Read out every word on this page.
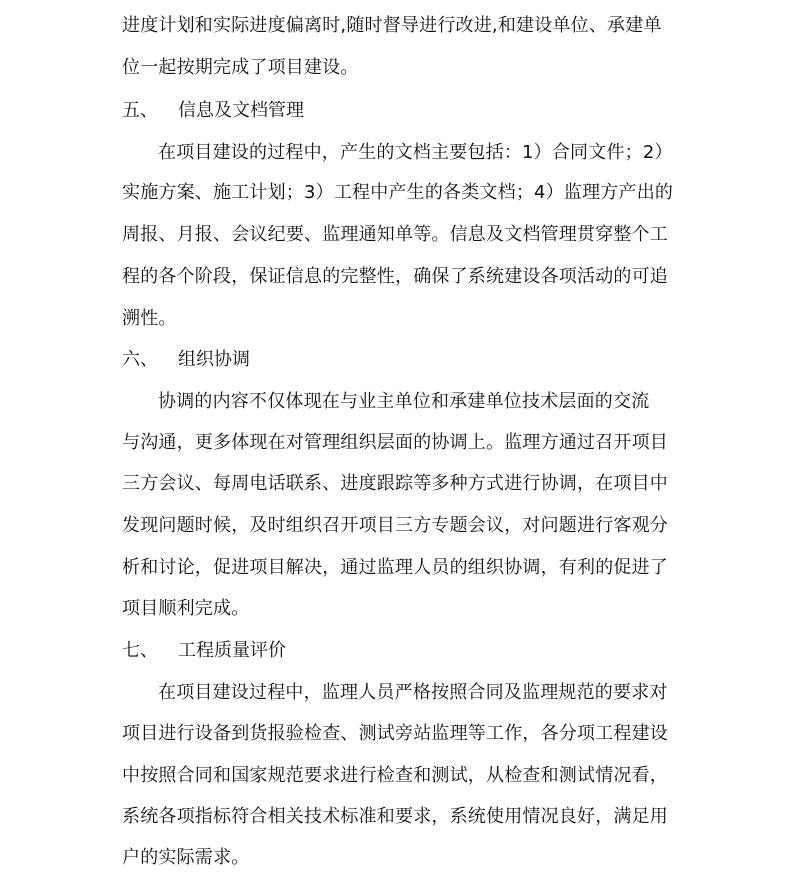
进度计划和实际进度偏离时,随时督导进行改进,和建设单位、承建单
位一起按期完成了项目建设。
五、 信息及文档管理
在项目建设的过程中，产生的文档主要包括：1）合同文件；2）
实施方案、施工计划；3）工程中产生的各类文档；4）监理方产出的
周报、月报、会议纪要、监理通知单等。信息及文档管理贯穿整个工
程的各个阶段，保证信息的完整性，确保了系统建设各项活动的可追
溯性。
六、 组织协调
协调的内容不仅体现在与业主单位和承建单位技术层面的交流
与沟通，更多体现在对管理组织层面的协调上。监理方通过召开项目
三方会议、每周电话联系、进度跟踪等多种方式进行协调，在项目中
发现问题时候，及时组织召开项目三方专题会议，对问题进行客观分
析和讨论，促进项目解决，通过监理人员的组织协调，有利的促进了
项目顺利完成。
七、 工程质量评价
在项目建设过程中，监理人员严格按照合同及监理规范的要求对
项目进行设备到货报验检查、测试旁站监理等工作，各分项工程建设
中按照合同和国家规范要求进行检查和测试，从检查和测试情况看，
系统各项指标符合相关技术标准和要求，系统使用情况良好，满足用
户的实际需求。
